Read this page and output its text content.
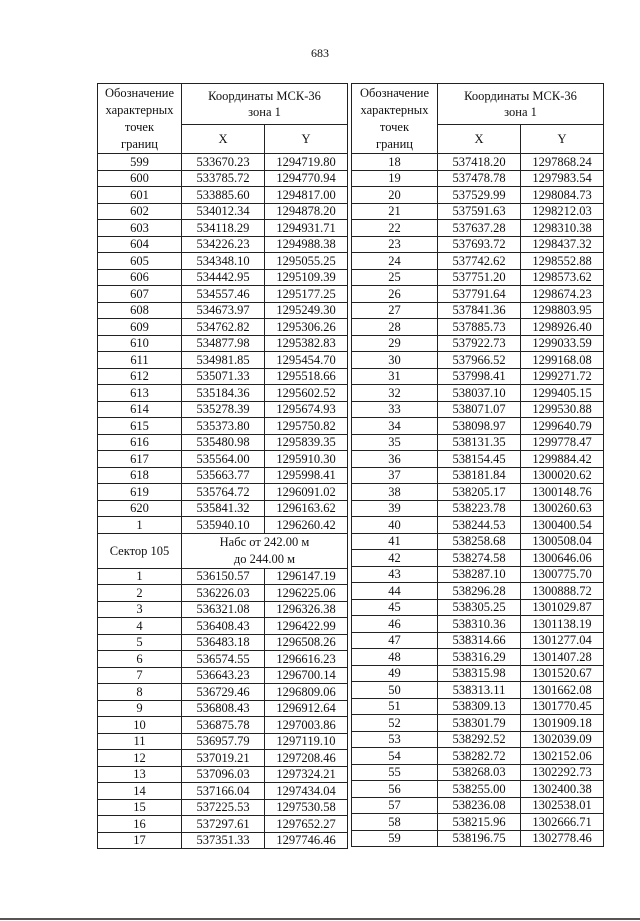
683
Обозначение
характерных
точек
границ	Координаты МСК-36
зона 1	
	X	Y
599	533670.23	1294719.80
600	533785.72	1294770.94
601	533885.60	1294817.00
602	534012.34	1294878.20
603	534118.29	1294931.71
604	534226.23	1294988.38
605	534348.10	1295055.25
606	534442.95	1295109.39
607	534557.46	1295177.25
608	534673.97	1295249.30
609	534762.82	1295306.26
610	534877.98	1295382.83
611	534981.85	1295454.70
612	535071.33	1295518.66
613	535184.36	1295602.52
614	535278.39	1295674.93
615	535373.80	1295750.82
616	535480.98	1295839.35
617	535564.00	1295910.30
618	535663.77	1295998.41
619	535764.72	1296091.02
620	535841.32	1296163.62
1	535940.10	1296260.42
Сектор 105	Набс от 242.00 м
до 244.00 м	

1	536150.57	1296147.19
2	536226.03	1296225.06
3	536321.08	1296326.38
4	536408.43	1296422.99
5	536483.18	1296508.26
6	536574.55	1296616.23
7	536643.23	1296700.14
8	536729.46	1296809.06
9	536808.43	1296912.64
10	536875.78	1297003.86
11	536957.79	1297119.10
12	537019.21	1297208.46
13	537096.03	1297324.21
14	537166.04	1297434.04
15	537225.53	1297530.58
16	537297.61	1297652.27
17	537351.33	1297746.46
Обозначение
характерных
точек
границ	Координаты МСК-36
зона 1	
	X	Y
18	537418.20	1297868.24
19	537478.78	1297983.54
20	537529.99	1298084.73
21	537591.63	1298212.03
22	537637.28	1298310.38
23	537693.72	1298437.32
24	537742.62	1298552.88
25	537751.20	1298573.62
26	537791.64	1298674.23
27	537841.36	1298803.95
28	537885.73	1298926.40
29	537922.73	1299033.59
30	537966.52	1299168.08
31	537998.41	1299271.72
32	538037.10	1299405.15
33	538071.07	1299530.88
34	538098.97	1299640.79
35	538131.35	1299778.47
36	538154.45	1299884.42
37	538181.84	1300020.62
38	538205.17	1300148.76
39	538223.78	1300260.63
40	538244.53	1300400.54
41	538258.68	1300508.04
42	538274.58	1300646.06
43	538287.10	1300775.70
44	538296.28	1300888.72
45	538305.25	1301029.87
46	538310.36	1301138.19
47	538314.66	1301277.04
48	538316.29	1301407.28
49	538315.98	1301520.67
50	538313.11	1301662.08
51	538309.13	1301770.45
52	538301.79	1301909.18
53	538292.52	1302039.09
54	538282.72	1302152.06
55	538268.03	1302292.73
56	538255.00	1302400.38
57	538236.08	1302538.01
58	538215.96	1302666.71
59	538196.75	1302778.46
